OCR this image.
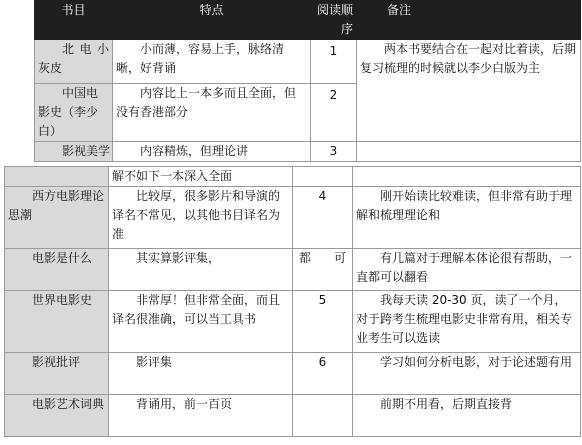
书目	特点	阅读顺序	备注
北电小灰皮	小而薄，容易上手，脉络清晰，好背诵	1	两本书要结合在一起对比着读，后期复习梳理的时候就以李少白版为主
中国电影史（李少白）	内容比上一本多而且全面，但没有香港部分	2	
影视美学	内容精炼，但理论讲	3	
	解不如下一本深入全面		
西方电影理论思潮	比较厚，很多影片和导演的译名不常见，以其他书目译名为准	4	刚开始读比较难读，但非常有助于理解和梳理理论和
电影是什么	其实算影评集，	都可	有几篇对于理解本体论很有帮助，一直都可以翻看
世界电影史	非常厚！但非常全面，而且译名很准确，可以当工具书	5	我每天读 20-30 页，读了一个月，对于跨考生梳理电影史非常有用，相关专业考生可以选读
影视批评	影评集	6	学习如何分析电影，对于论述题有用
电影艺术词典	背诵用，前一百页		前期不用看，后期直接背
